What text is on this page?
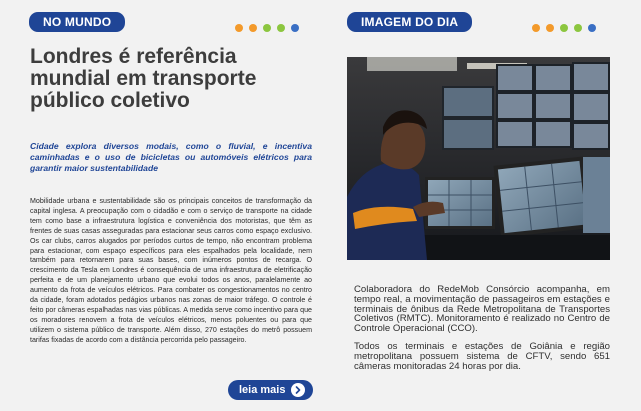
NO MUNDO
Londres é referência mundial em transporte público coletivo

Cidade explora diversos modais, como o fluvial, e incentiva caminhadas e o uso de bicicletas ou automóveis elétricos para garantir maior sustentabilidade

Mobilidade urbana e sustentabilidade são os principais conceitos de transformação da capital inglesa. A preocupação com o cidadão e com o serviço de transporte na cidade tem como base a infraestrutura logística e conveniência dos motoristas, que têm as frentes de suas casas asseguradas para estacionar seus carros como espaço exclusivo. Os car clubs, carros alugados por períodos curtos de tempo, não encontram problema para estacionar, com espaço específicos para eles espalhados pela localidade, nem também para retornarem para suas bases, com inúmeros pontos de recarga. O crescimento da Tesla em Londres é consequência de uma infraestrutura de eletrificação perfeita e de um planejamento urbano que evolui todos os anos, paralelamente ao aumento da frota de veículos elétricos. Para combater os congestionamentos no centro da cidade, foram adotados pedágios urbanos nas zonas de maior tráfego. O controle é feito por câmeras espalhadas nas vias públicas. A medida serve como incentivo para que os moradores renovem a frota de veículos elétricos, menos poluentes ou para que utilizem o sistema público de transporte. Além disso, 270 estações do metrô possuem tarifas fixadas de acordo com a distância percorrida pelo passageiro.

leia mais
IMAGEM DO DIA

Colaboradora do RedeMob Consórcio acompanha, em tempo real, a movimentação de passageiros em estações e terminais de ônibus da Rede Metropolitana de Transportes Coletivos (RMTC). Monitoramento é realizado no Centro de Controle Operacional (CCO).

Todos os terminais e estações de Goiânia e região metropolitana possuem sistema de CFTV, sendo 651 câmeras monitoradas 24 horas por dia.
